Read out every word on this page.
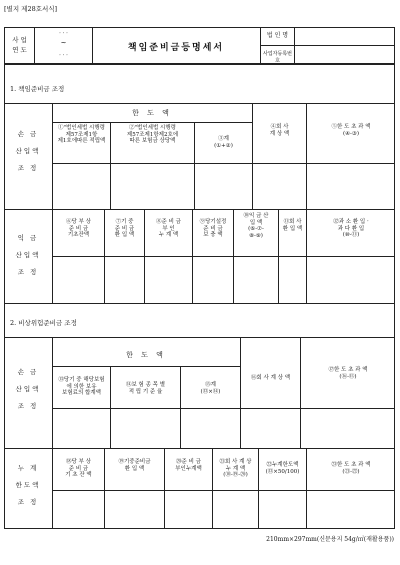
[별지 제28호서식]
사 업
연 도
· · ·
~
· · ·
책임준비금등명세서
법 인 명
사업자등록번호
1. 책임준비금 조정
손 금
산입액
조 정
한 도 액
①"법인세법 시행령
제57조제1항
제1호에따른 적립액
②"법인세법 시행령
제57조제1항제2호에
따른 보험금 상당액	③계
(①+②)
④회 사
계 상 액
⑤한 도 초 과 액
(④-③)
익 금
산입액
조 정
⑥당 부 상
준 비 금
기초잔액
⑦기 중
준 비 금
환 입 액
⑧준 비 금
부 인
누 계 액
⑨당기설정
준 비 금
보 충 액
⑩익 금 산
입 액
(⑥-⑦-
⑧-⑨)
⑪회 사
환 입 액
⑫과 소 환 입 ·
과 다 환 입
(⑩-⑪)
2. 비상위험준비금 조정
손 금
산입액
조 정
한 도 액
⑬당기 중 해당보험
에 의한 보유
보험료의 합계액
⑭보 험 종 목 별
적 립 기 준 율
⑮계
(⑬×⑭)
⑯회 사 계 상 액
⑰한 도 초 과 액
(⑯-⑮)
누 계
한도액
조 정
⑱당 부 상
준 비 금
기 초 잔 액
⑲기중준비금
환 입 액
⑳준 비 금
부인누계액
㉑회 사 계 상
누 계 액
(⑱-⑲-⑳)
㉒누계한도액
(⑬×50/100)
㉓한 도 초 과 액
(㉑-㉒)
210mm×297mm(신문용지 54g/㎡(재활용품))
